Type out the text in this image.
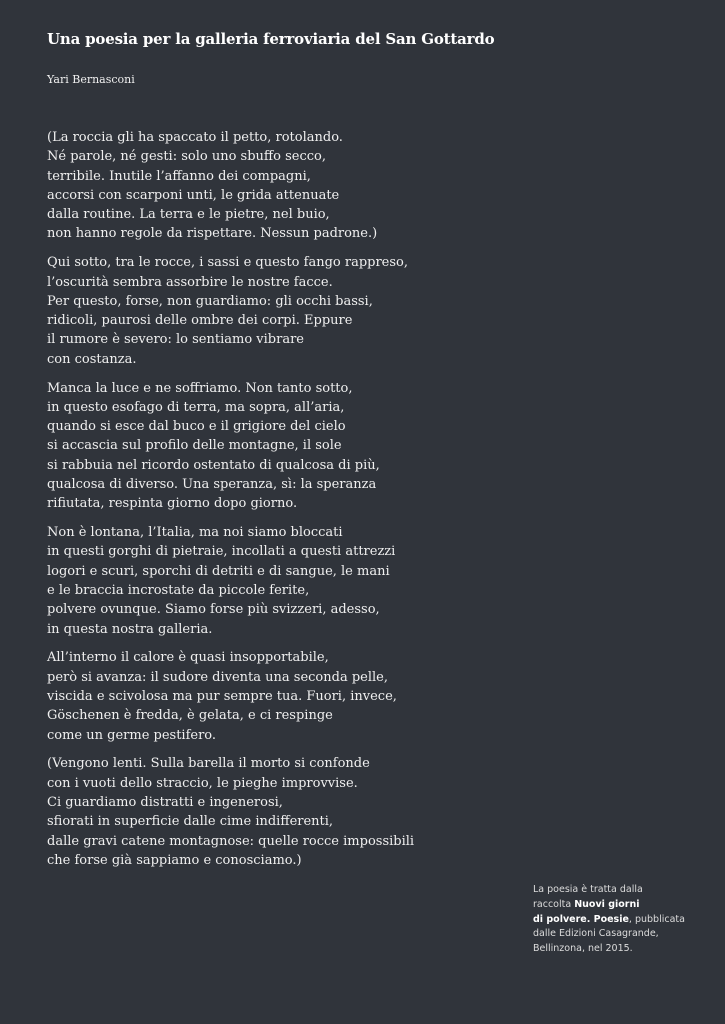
Una poesia per la galleria ferroviaria del San Gottardo

Yari Bernasconi

(La roccia gli ha spaccato il petto, rotolando.
Né parole, né gesti: solo uno sbuffo secco,
terribile. Inutile l’affanno dei compagni,
accorsi con scarponi unti, le grida attenuate
dalla routine. La terra e le pietre, nel buio,
non hanno regole da rispettare. Nessun padrone.)

Qui sotto, tra le rocce, i sassi e questo fango rappreso,
l’oscurità sembra assorbire le nostre facce.
Per questo, forse, non guardiamo: gli occhi bassi,
ridicoli, paurosi delle ombre dei corpi. Eppure
il rumore è severo: lo sentiamo vibrare
con costanza.

Manca la luce e ne soffriamo. Non tanto sotto,
in questo esofago di terra, ma sopra, all’aria,
quando si esce dal buco e il grigiore del cielo
si accascia sul profilo delle montagne, il sole
si rabbuia nel ricordo ostentato di qualcosa di più,
qualcosa di diverso. Una speranza, sì: la speranza
rifiutata, respinta giorno dopo giorno.

Non è lontana, l’Italia, ma noi siamo bloccati
in questi gorghi di pietraie, incollati a questi attrezzi
logori e scuri, sporchi di detriti e di sangue, le mani
e le braccia incrostate da piccole ferite,
polvere ovunque. Siamo forse più svizzeri, adesso,
in questa nostra galleria.

All’interno il calore è quasi insopportabile,
però si avanza: il sudore diventa una seconda pelle,
viscida e scivolosa ma pur sempre tua. Fuori, invece,
Göschenen è fredda, è gelata, e ci respinge
come un germe pestifero.

(Vengono lenti. Sulla barella il morto si confonde
con i vuoti dello straccio, le pieghe improvvise.
Ci guardiamo distratti e ingenerosi,
sfiorati in superficie dalle cime indifferenti,
dalle gravi catene montagnose: quelle rocce impossibili
che forse già sappiamo e conosciamo.)

La poesia è tratta dalla
raccolta Nuovi giorni
di polvere. Poesie, pubblicata
dalle Edizioni Casagrande,
Bellinzona, nel 2015.
